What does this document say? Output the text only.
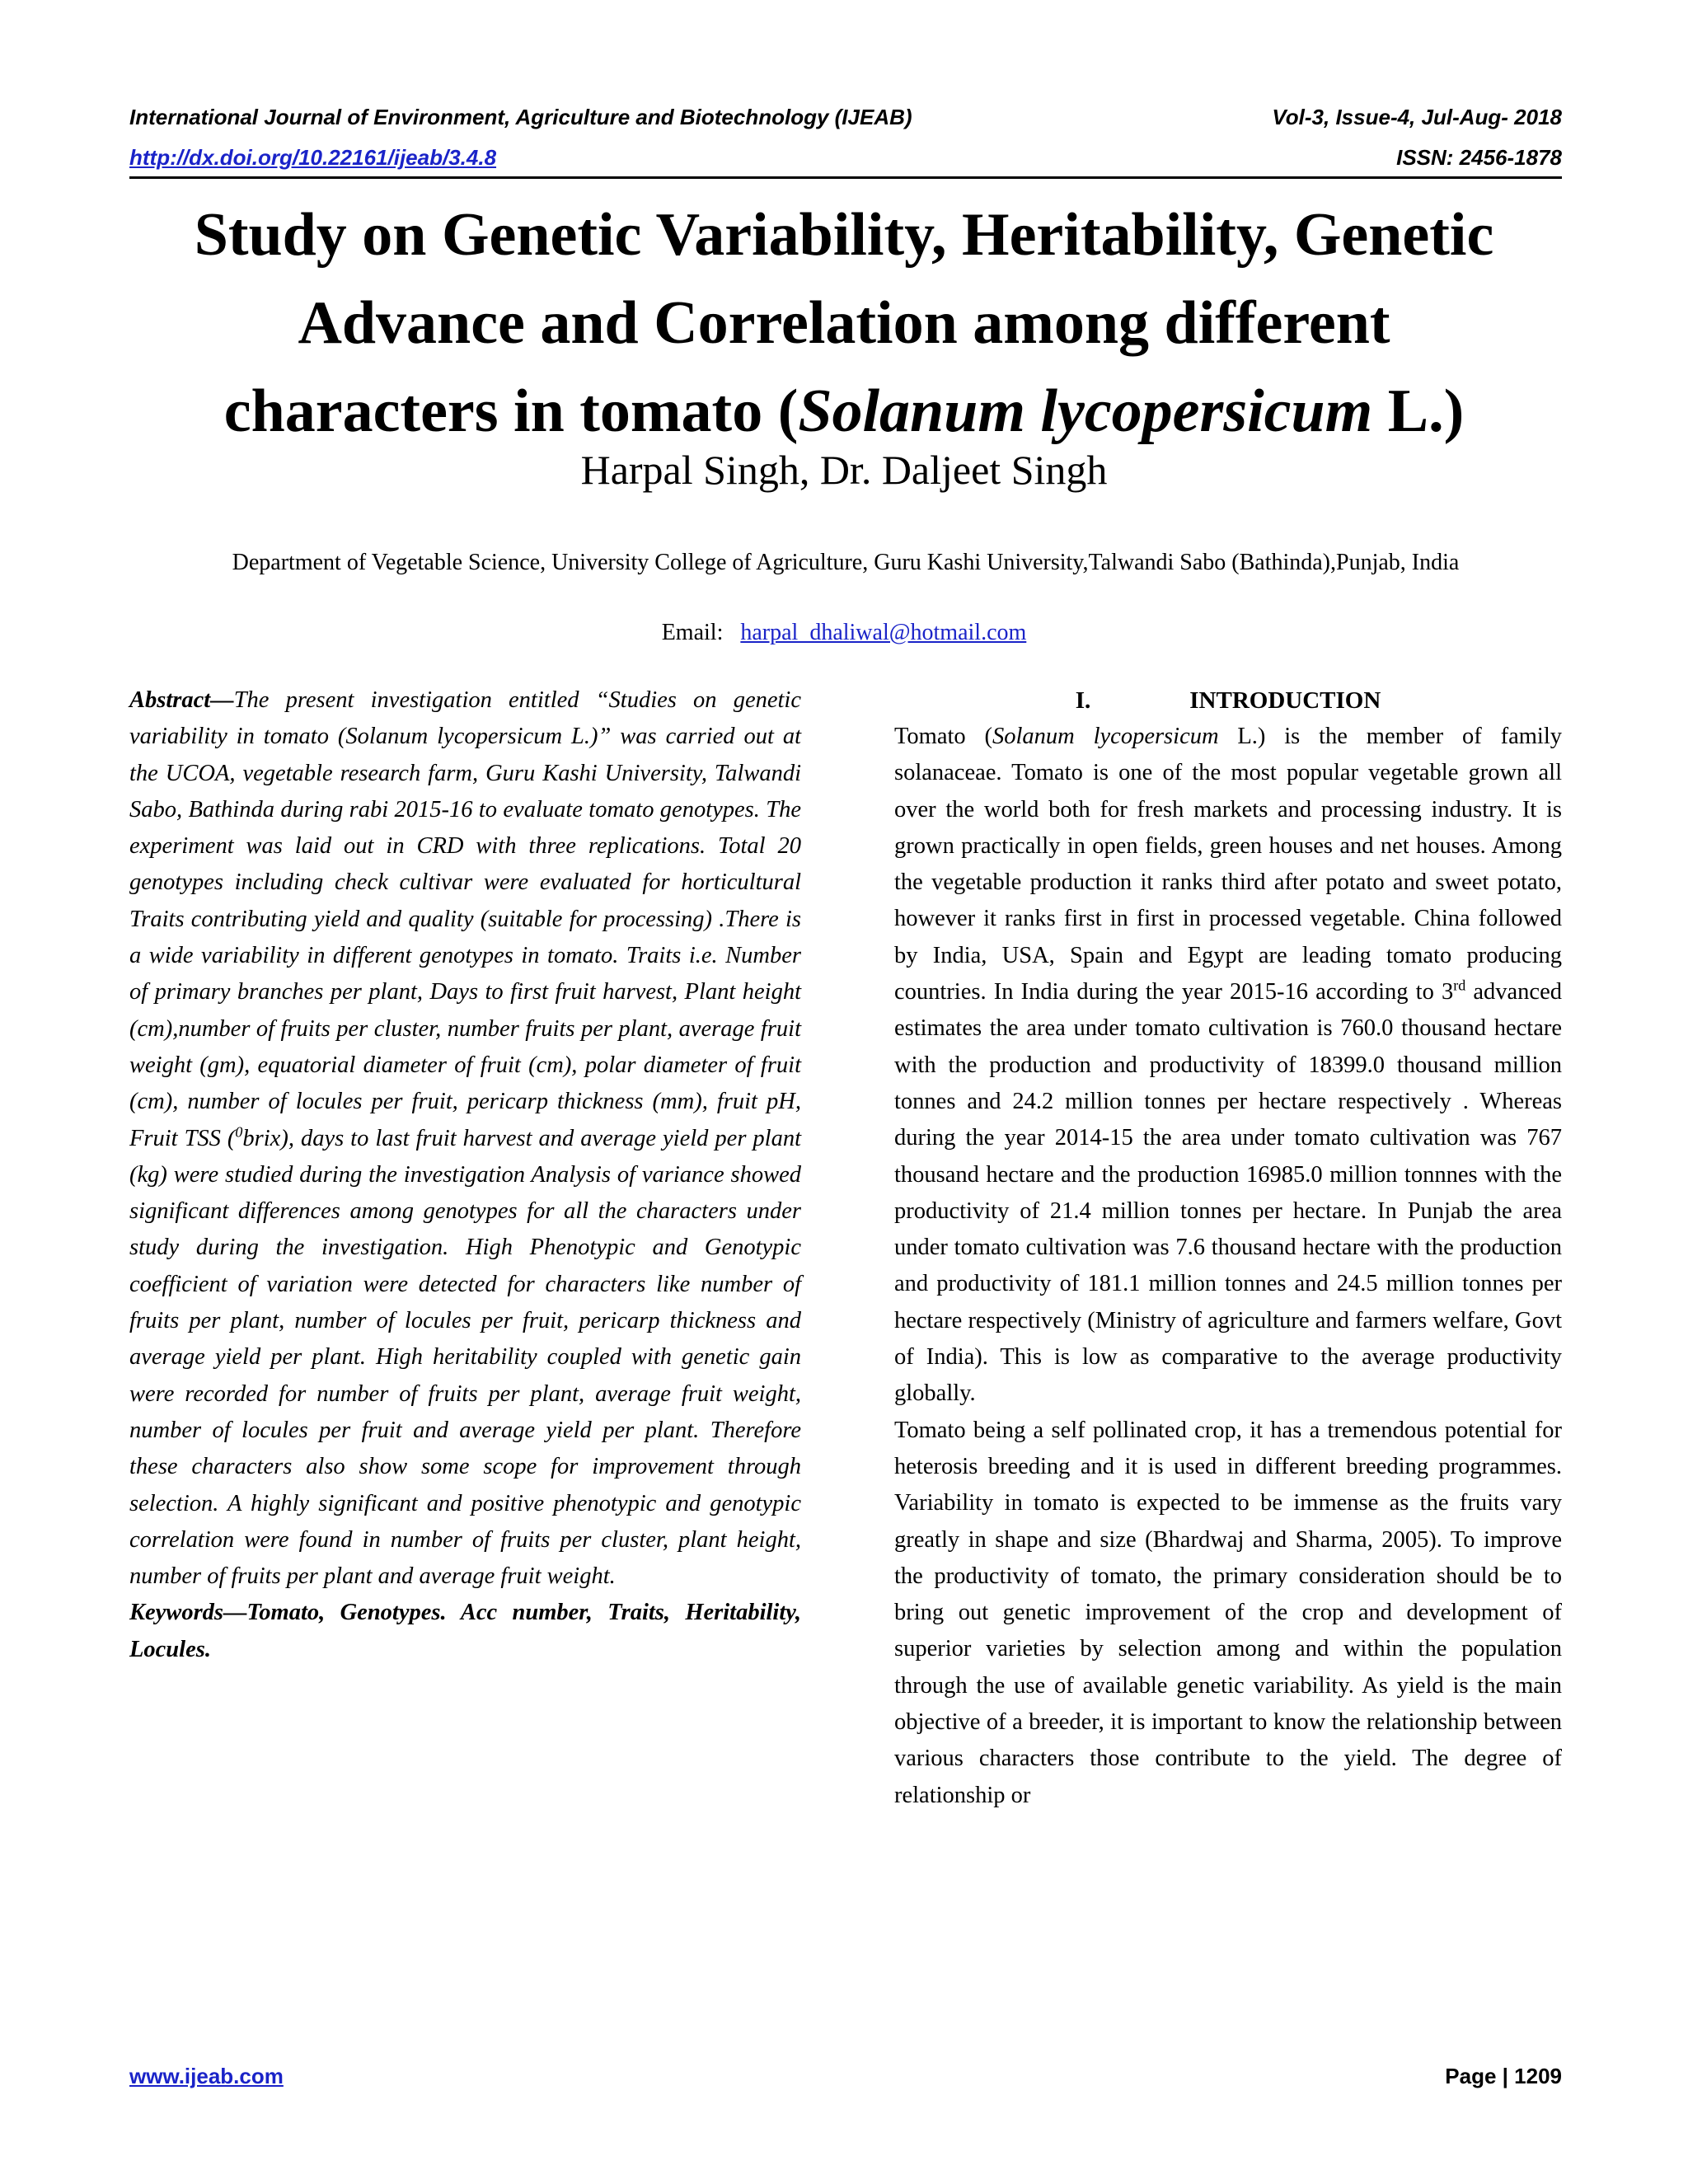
International Journal of Environment, Agriculture and Biotechnology (IJEAB)	Vol-3, Issue-4, Jul-Aug- 2018
http://dx.doi.org/10.22161/ijeab/3.4.8	ISSN: 2456-1878
Study on Genetic Variability, Heritability, Genetic
Advance and Correlation among different
characters in tomato (Solanum lycopersicum L.)
Harpal Singh, Dr. Daljeet Singh
Department of Vegetable Science, University College of Agriculture, Guru Kashi University,Talwandi Sabo (Bathinda),Punjab, India
Email: harpal_dhaliwal@hotmail.com

Abstract—The present investigation entitled “Studies on genetic variability in tomato (Solanum lycopersicum L.)” was carried out at the UCOA, vegetable research farm, Guru Kashi University, Talwandi Sabo, Bathinda during rabi 2015-16 to evaluate tomato genotypes. The experiment was laid out in CRD with three replications. Total 20 genotypes including check cultivar were evaluated for horticultural Traits contributing yield and quality (suitable for processing) .There is a wide variability in different genotypes in tomato. Traits i.e. Number of primary branches per plant, Days to first fruit harvest, Plant height (cm),number of fruits per cluster, number fruits per plant, average fruit weight (gm), equatorial diameter of fruit (cm), polar diameter of fruit (cm), number of locules per fruit, pericarp thickness (mm), fruit pH, Fruit TSS ($^0$brix), days to last fruit harvest and average yield per plant (kg) were studied during the investigation Analysis of variance showed significant differences among genotypes for all the characters under study during the investigation. High Phenotypic and Genotypic coefficient of variation were detected for characters like number of fruits per plant, number of locules per fruit, pericarp thickness and average yield per plant. High heritability coupled with genetic gain were recorded for number of fruits per plant, average fruit weight, number of locules per fruit and average yield per plant. Therefore these characters also show some scope for improvement through selection. A highly significant and positive phenotypic and genotypic correlation were found in number of fruits per cluster, plant height, number of fruits per plant and average fruit weight.

Keywords—Tomato, Genotypes. Acc number, Traits, Heritability, Locules.

I.	INTRODUCTION

Tomato (Solanum lycopersicum L.) is the member of family solanaceae. Tomato is one of the most popular vegetable grown all over the world both for fresh markets and processing industry. It is grown practically in open fields, green houses and net houses. Among the vegetable production it ranks third after potato and sweet potato, however it ranks first in first in processed vegetable. China followed by India, USA, Spain and Egypt are leading tomato producing countries. In India during the year 2015-16 according to 3rd advanced estimates the area under tomato cultivation is 760.0 thousand hectare with the production and productivity of 18399.0 thousand million tonnes and 24.2 million tonnes per hectare respectively . Whereas during the year 2014-15 the area under tomato cultivation was 767 thousand hectare and the production 16985.0 million tonnnes with the productivity of 21.4 million tonnes per hectare. In Punjab the area under tomato cultivation was 7.6 thousand hectare with the production and productivity of 181.1 million tonnes and 24.5 million tonnes per hectare respectively (Ministry of agriculture and farmers welfare, Govt of India). This is low as comparative to the average productivity globally.

Tomato being a self pollinated crop, it has a tremendous potential for heterosis breeding and it is used in different breeding programmes. Variability in tomato is expected to be immense as the fruits vary greatly in shape and size (Bhardwaj and Sharma, 2005). To improve the productivity of tomato, the primary consideration should be to bring out genetic improvement of the crop and development of superior varieties by selection among and within the population through the use of available genetic variability. As yield is the main objective of a breeder, it is important to know the relationship between various characters those contribute to the yield. The degree of relationship or

www.ijeab.com	Page | 1209
